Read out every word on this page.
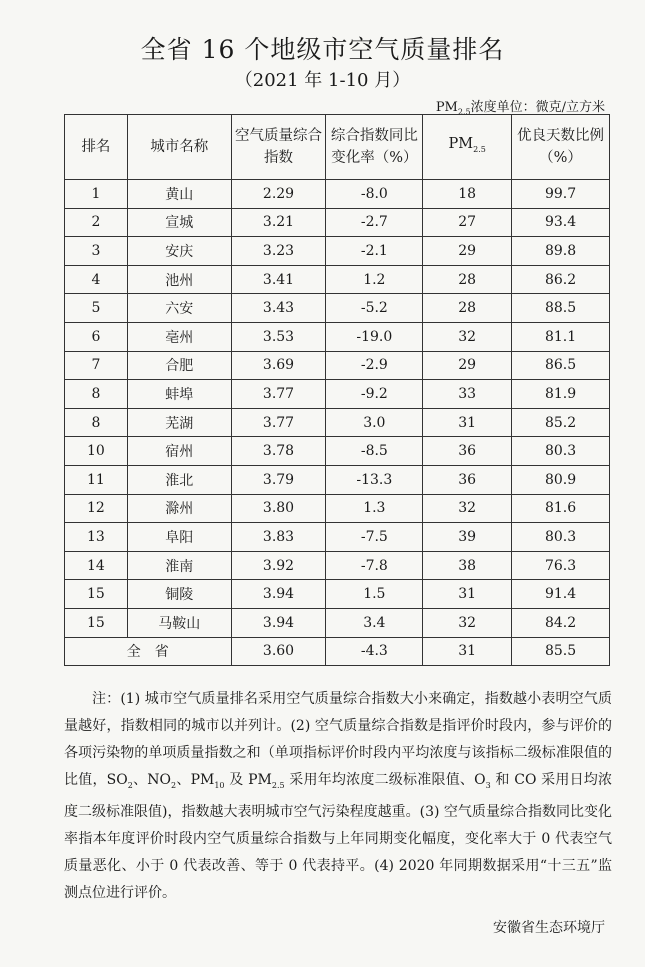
全省 16 个地级市空气质量排名
（2021 年 1-10 月）
$PM_{2.5}$浓度单位：微克/立方米
排名	城市名称	空气质量综合指数	综合指数同比变化率（%）	$PM_{2.5}$	优良天数比例（%）
1	黄山	2.29	-8.0	18	99.7
2	宣城	3.21	-2.7	27	93.4
3	安庆	3.23	-2.1	29	89.8
4	池州	3.41	1.2	28	86.2
5	六安	3.43	-5.2	28	88.5
6	亳州	3.53	-19.0	32	81.1
7	合肥	3.69	-2.9	29	86.5
8	蚌埠	3.77	-9.2	33	81.9
8	芜湖	3.77	3.0	31	85.2
10	宿州	3.78	-8.5	36	80.3
11	淮北	3.79	-13.3	36	80.9
12	滁州	3.80	1.3	32	81.6
13	阜阳	3.83	-7.5	39	80.3
14	淮南	3.92	-7.8	38	76.3
15	铜陵	3.94	1.5	31	91.4
15	马鞍山	3.94	3.4	32	84.2
全　省		3.60	-4.3	31	85.5
注：(1) 城市空气质量排名采用空气质量综合指数大小来确定，指数越小表明空气质量越好，指数相同的城市以并列计。(2) 空气质量综合指数是指评价时段内，参与评价的各项污染物的单项质量指数之和（单项指标评价时段内平均浓度与该指标二级标准限值的比值，$SO_2$、$NO_2$、$PM_{10}$ 及 $PM_{2.5}$ 采用年均浓度二级标准限值、$O_3$ 和 CO 采用日均浓度二级标准限值)，指数越大表明城市空气污染程度越重。(3) 空气质量综合指数同比变化率指本年度评价时段内空气质量综合指数与上年同期变化幅度，变化率大于 0 代表空气质量恶化、小于 0 代表改善、等于 0 代表持平。(4) 2020 年同期数据采用“十三五”监测点位进行评价。
安徽省生态环境厅
